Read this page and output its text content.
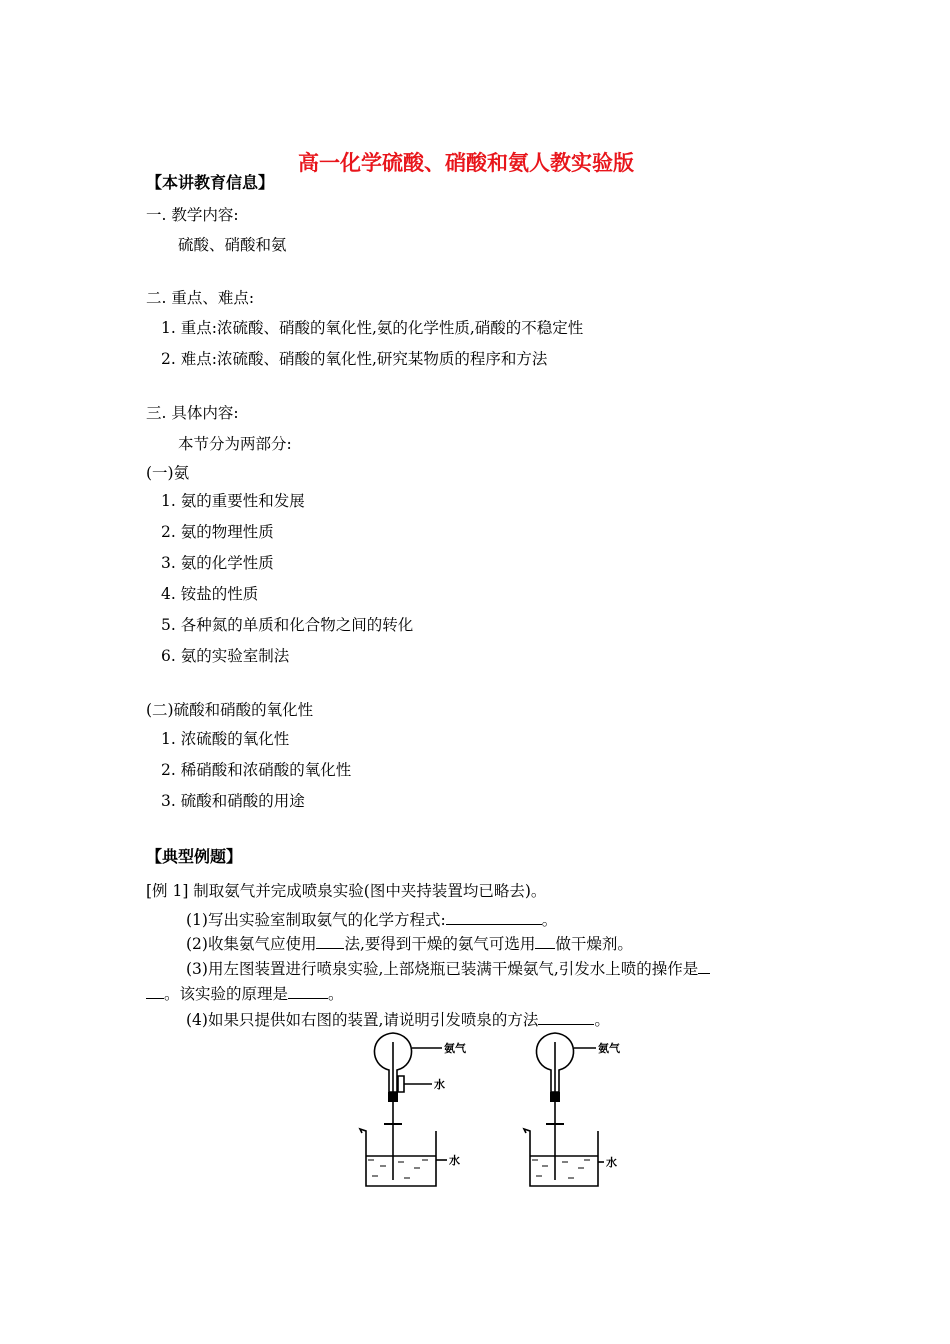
高一化学硫酸、硝酸和氨人教实验版
【本讲教育信息】
一. 教学内容:
硫酸、硝酸和氨
二. 重点、难点:
1. 重点:浓硫酸、硝酸的氧化性,氨的化学性质,硝酸的不稳定性
2. 难点:浓硫酸、硝酸的氧化性,研究某物质的程序和方法
三. 具体内容:
本节分为两部分:
(一)氨
1. 氨的重要性和发展
2. 氨的物理性质
3. 氨的化学性质
4. 铵盐的性质
5. 各种氮的单质和化合物之间的转化
6. 氨的实验室制法
(二)硫酸和硝酸的氧化性
1. 浓硫酸的氧化性
2. 稀硝酸和浓硝酸的氧化性
3. 硫酸和硝酸的用途
【典型例题】
[例 1] 制取氨气并完成喷泉实验(图中夹持装置均已略去)。
(1)写出实验室制取氨气的化学方程式:	。
(2)收集氨气应使用 法,要得到干燥的氨气可选用 做干燥剂。
(3)用左图装置进行喷泉实验,上部烧瓶已装满干燥氨气,引发水上喷的操作是
。该实验的原理是	。
(4)如果只提供如右图的装置,请说明引发喷泉的方法	。
氨气
水
水
氨气
水
